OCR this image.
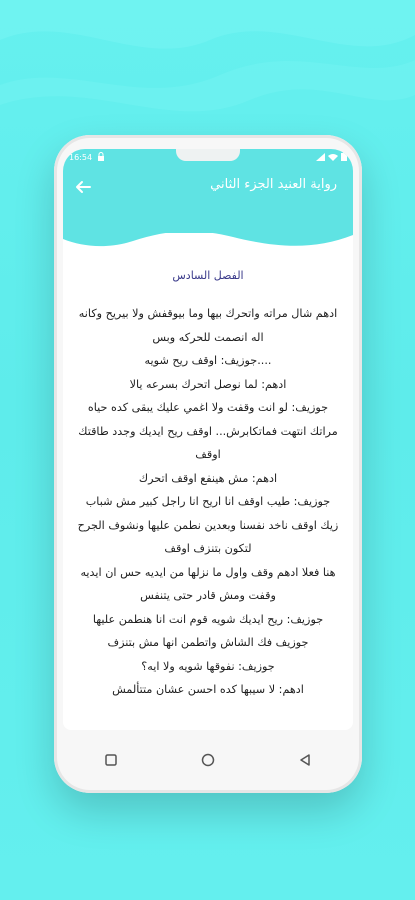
16:54
رواية العنيد الجزء الثاني
الفصل السادس

ادهم شال مراته واتحرك بيها وما بيوقفش ولا بيريح وكانه اله انصمت للحركه وبس

....جوزيف: اوقف ريح شويه

ادهم: لما نوصل اتحرك بسرعه يالا

جوزيف: لو انت وقفت ولا اغمي عليك يبقى كده حياه مراتك انتهت فماتكابرش... اوقف ريح ايديك وجدد طاقتك اوقف

ادهم: مش هينفع اوقف اتحرك

جوزيف: طيب اوقف انا اريح انا راجل كبير مش شباب زيك اوقف ناخد نفسنا وبعدين نطمن عليها ونشوف الجرح لتكون بتنزف اوقف

هنا فعلا ادهم وقف واول ما نزلها من ايديه حس ان ايديه وقفت ومش قادر حتى يتنفس

جوزيف: ريح ايديك شويه قوم انت انا هنطمن عليها

جوزيف فك الشاش واتطمن انها مش بتنزف

جوزيف: نفوقها شويه ولا ايه؟

ادهم: لا سيبها كده احسن عشان متتألمش
